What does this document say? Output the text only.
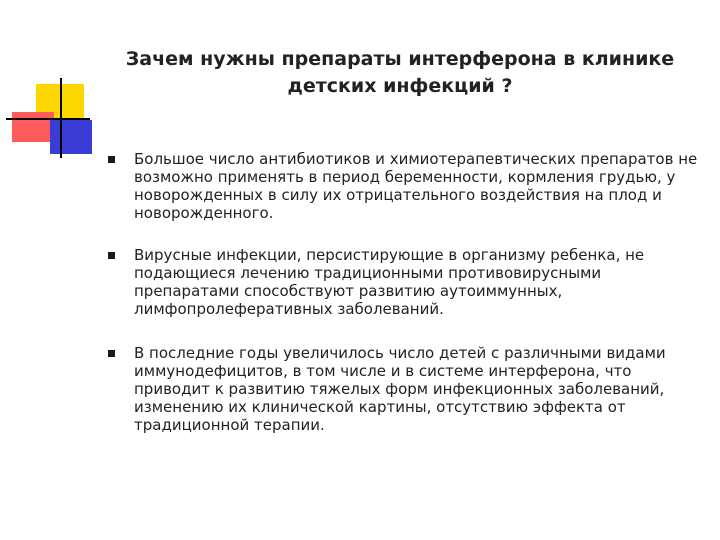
Зачем нужны препараты интерферона в клинике детских инфекций ?
Большое число антибиотиков и химиотерапевтических препаратов не возможно применять в период беременности, кормления грудью, у новорожденных в силу их отрицательного воздействия на плод и новорожденного.
Вирусные инфекции, персистирующие в организму ребенка, не подающиеся лечению традиционными противовирусными препаратами способствуют развитию аутоиммунных, лимфопролеферативных заболеваний.
В последние годы увеличилось число детей с различными видами иммунодефицитов, в том числе и в системе интерферона, что приводит к развитию тяжелых форм инфекционных заболеваний, изменению их клинической картины, отсутствию эффекта от традиционной терапии.
